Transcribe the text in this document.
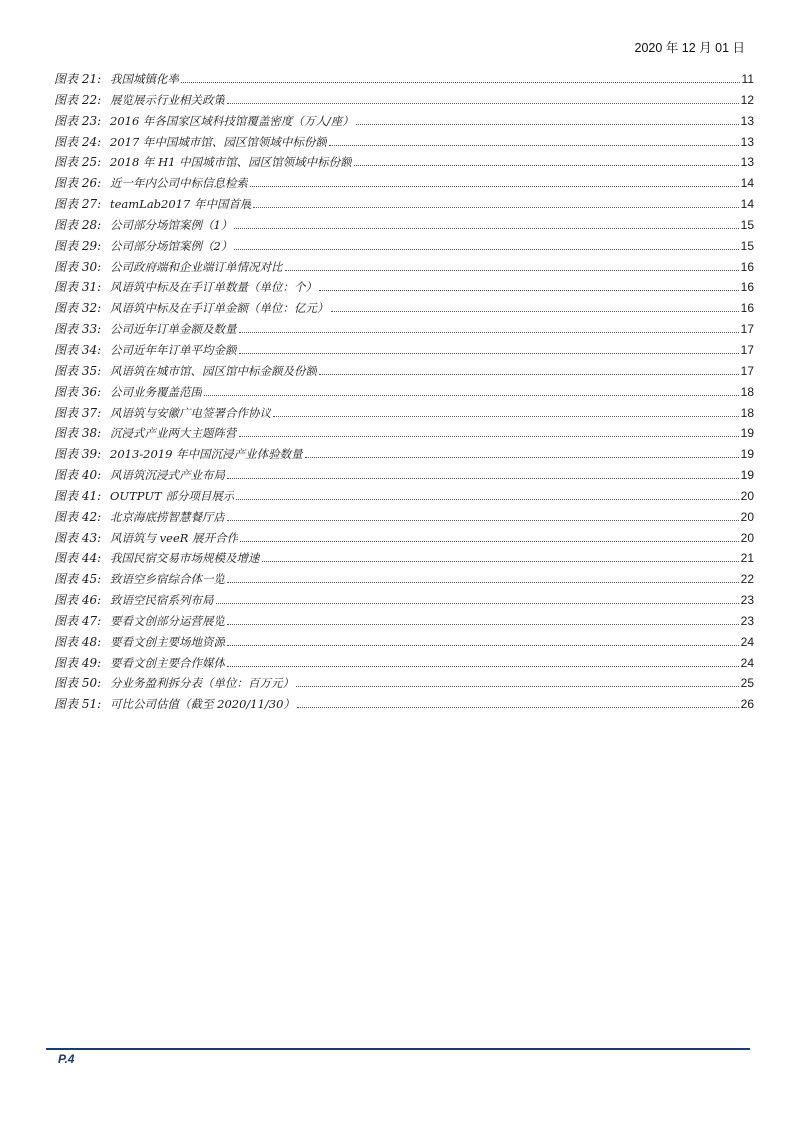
2020 年 12 月 01 日
图表 21: 我国城镇化率	11
图表 22: 展览展示行业相关政策	12
图表 23: 2016 年各国家区域科技馆覆盖密度（万人/座）	13
图表 24: 2017 年中国城市馆、园区馆领域中标份额	13
图表 25: 2018 年 H1 中国城市馆、园区馆领域中标份额	13
图表 26: 近一年内公司中标信息检索	14
图表 27: teamLab2017 年中国首展	14
图表 28: 公司部分场馆案例（1）	15
图表 29: 公司部分场馆案例（2）	15
图表 30: 公司政府端和企业端订单情况对比	16
图表 31: 风语筑中标及在手订单数量（单位：个）	16
图表 32: 风语筑中标及在手订单金额（单位：亿元）	16
图表 33: 公司近年订单金额及数量	17
图表 34: 公司近年年订单平均金额	17
图表 35: 风语筑在城市馆、园区馆中标金额及份额	17
图表 36: 公司业务覆盖范围	18
图表 37: 风语筑与安徽广电签署合作协议	18
图表 38: 沉浸式产业两大主题阵营	19
图表 39: 2013-2019 年中国沉浸产业体验数量	19
图表 40: 风语筑沉浸式产业布局	19
图表 41: OUTPUT 部分项目展示	20
图表 42: 北京海底捞智慧餐厅店	20
图表 43: 风语筑与 veeR 展开合作	20
图表 44: 我国民宿交易市场规模及增速	21
图表 45: 致语空乡宿综合体一览	22
图表 46: 致语空民宿系列布局	23
图表 47: 要看文创部分运营展览	23
图表 48: 要看文创主要场地资源	24
图表 49: 要看文创主要合作媒体	24
图表 50: 分业务盈利拆分表（单位：百万元）	25
图表 51: 可比公司估值（截至 2020/11/30）	26
P.4
